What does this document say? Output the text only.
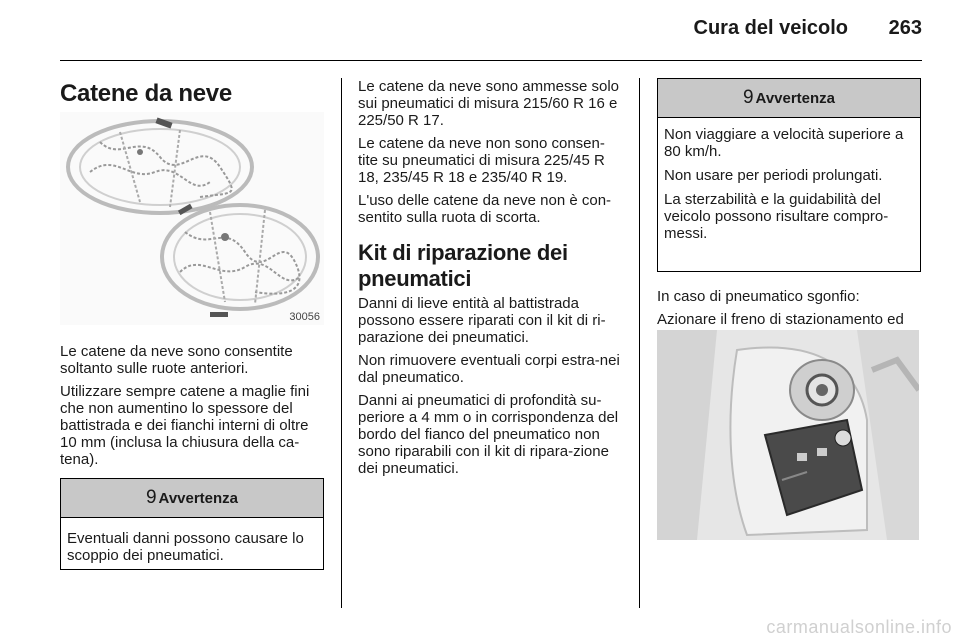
Cura del veicolo 263
Catene da neve
30056

Le catene da neve sono consentite soltanto sulle ruote anteriori.

Utilizzare sempre catene a maglie fini che non aumentino lo spessore del battistrada e dei fianchi interni di oltre 10 mm (inclusa la chiusura della ca-tena).

9 Avvertenza

Eventuali danni possono causare lo scoppio dei pneumatici.

Le catene da neve sono ammesse solo sui pneumatici di misura 215/60 R 16 e 225/50 R 17.

Le catene da neve non sono consen-tite su pneumatici di misura 225/45 R 18, 235/45 R 18 e 235/40 R 19.

L'uso delle catene da neve non è con-sentito sulla ruota di scorta.

Kit di riparazione dei pneumatici

Danni di lieve entità al battistrada possono essere riparati con il kit di ri-parazione dei pneumatici.

Non rimuovere eventuali corpi estra-nei dal pneumatico.

Danni ai pneumatici di profondità su-periore a 4 mm o in corrispondenza del bordo del fianco del pneumatico non sono riparabili con il kit di ripara-zione dei pneumatici.

9 Avvertenza

Non viaggiare a velocità superiore a 80 km/h.

Non usare per periodi prolungati.

La sterzabilità e la guidabilità del veicolo possono risultare compro-messi.

In caso di pneumatico sgonfio:

Azionare il freno di stazionamento ed

carmanualsonline.info
